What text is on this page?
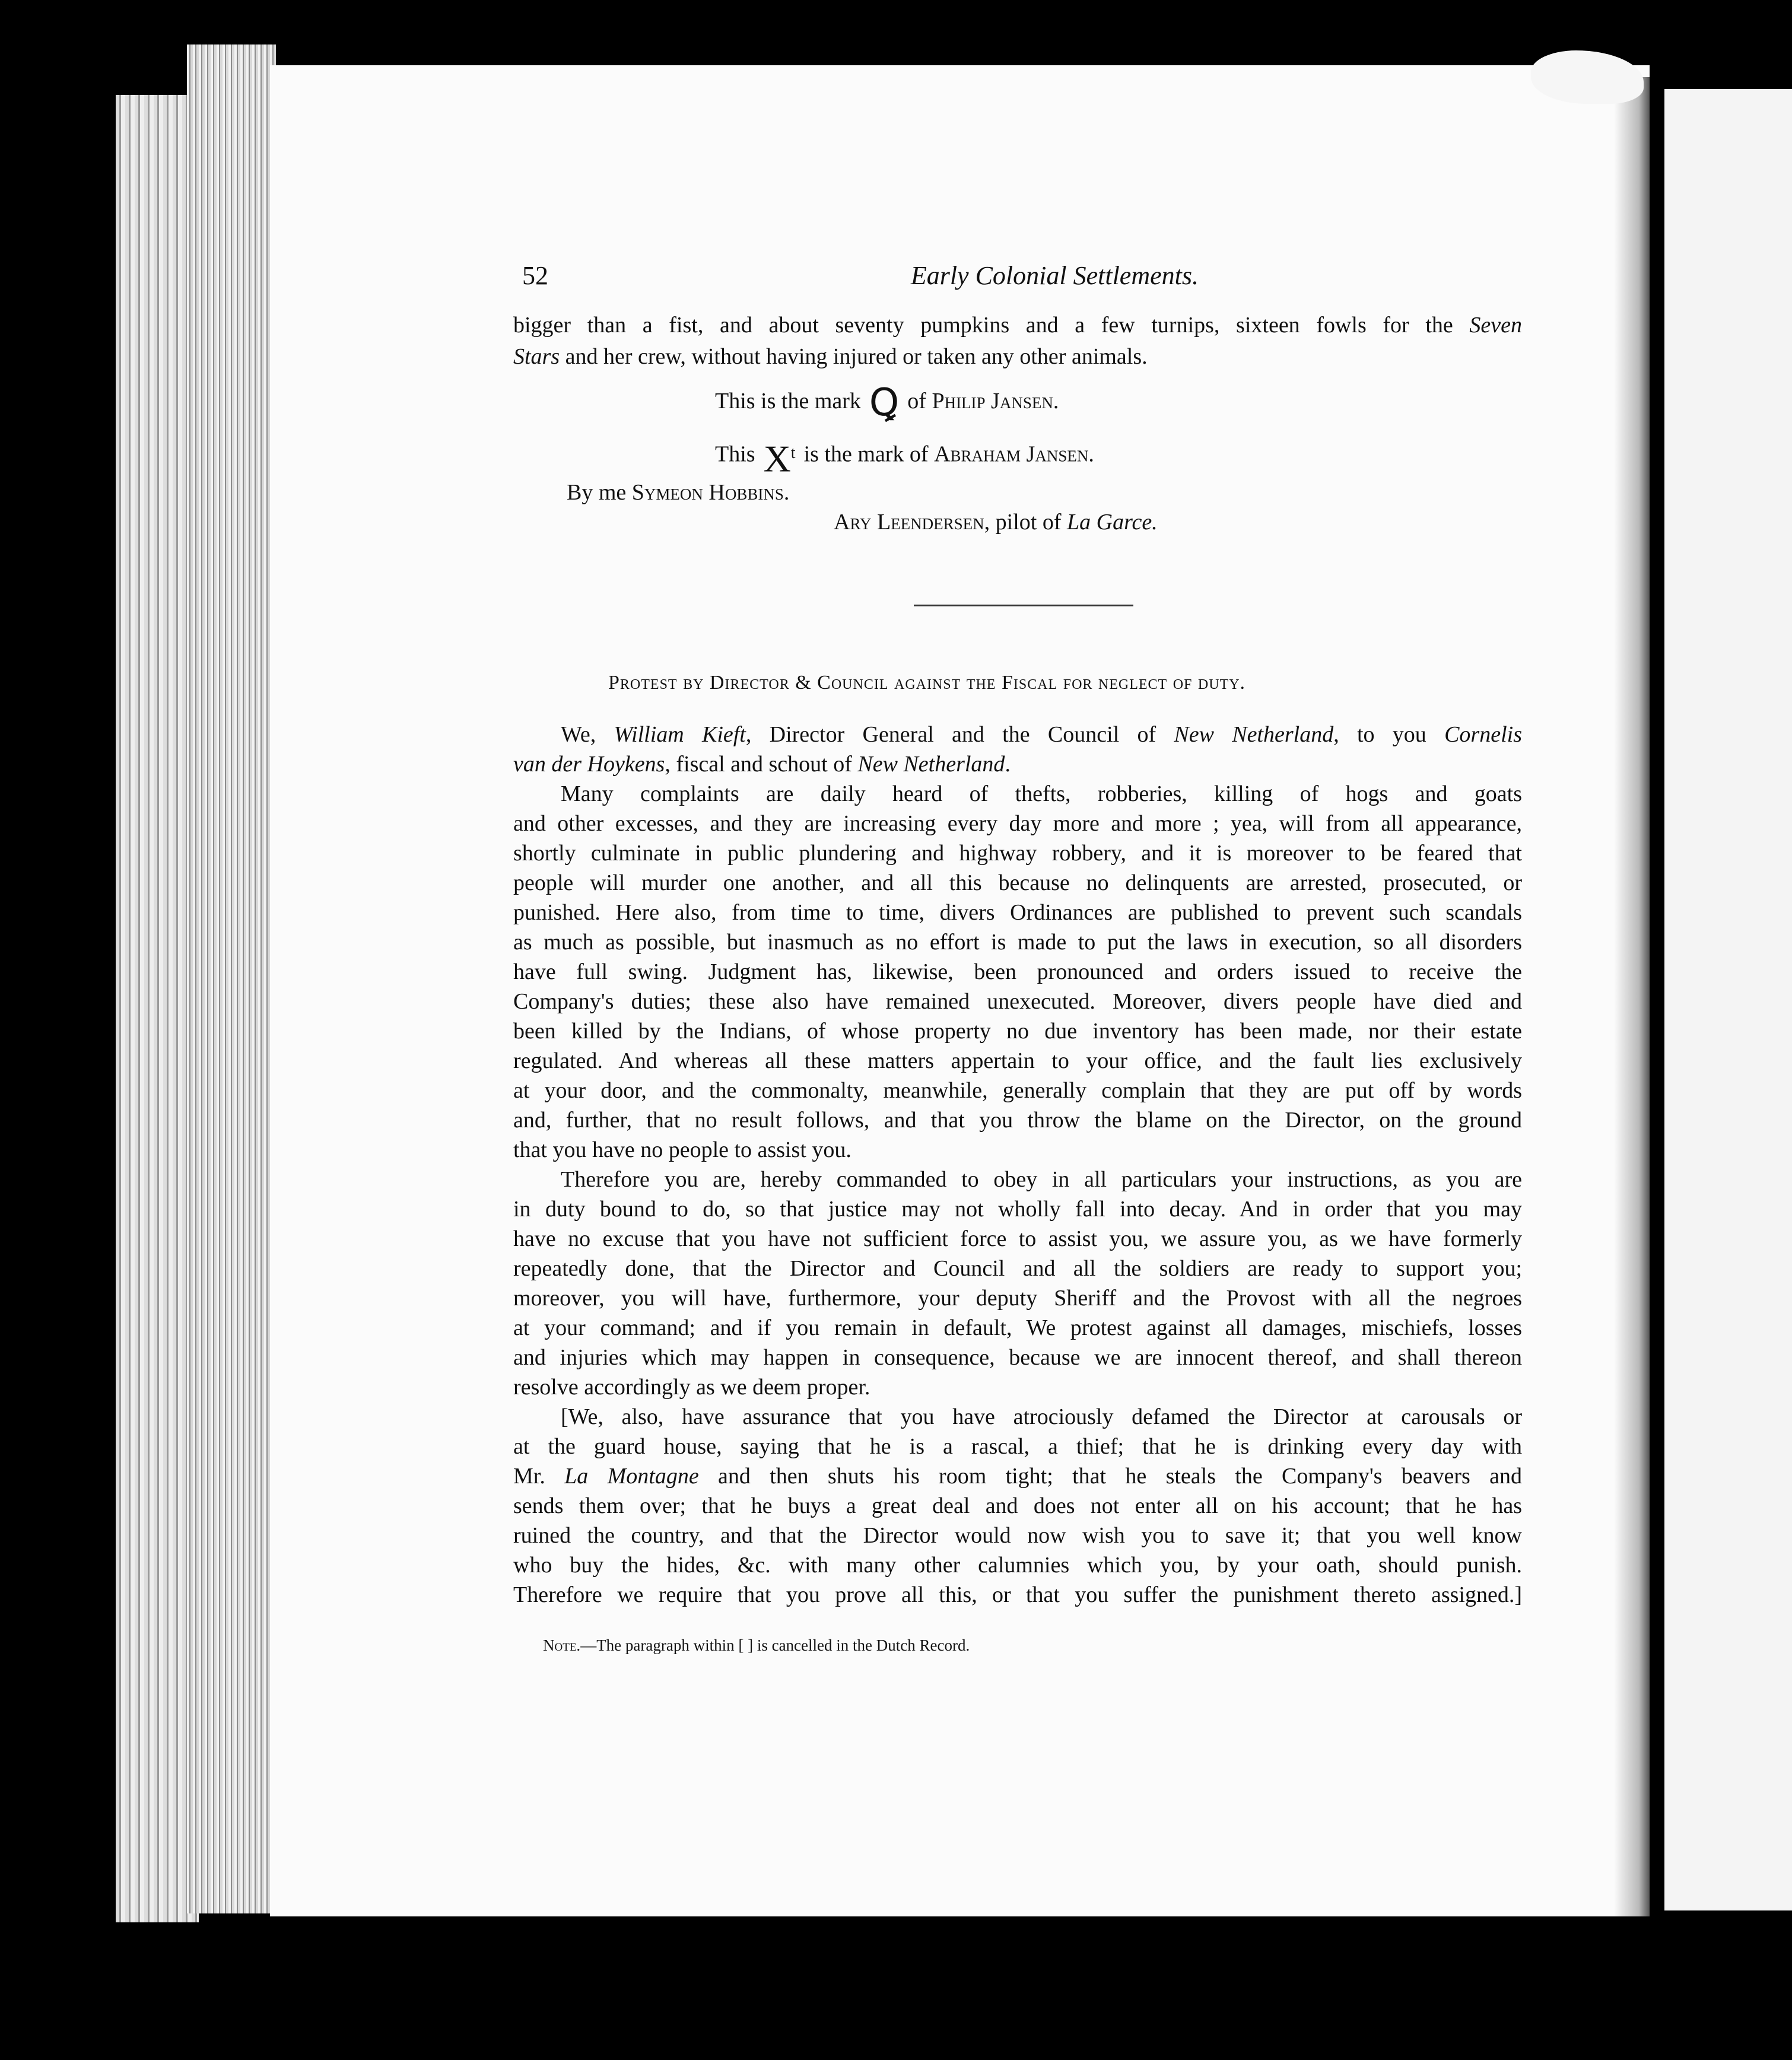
52	Early Colonial Settlements.
bigger than a fist, and about seventy pumpkins and a few turnips, sixteen fowls for the Seven
Stars and her crew, without having injured or taken any other animals.
This is the mark Ꝗ of Philip Jansen.
This $X^t$ is the mark of Abraham Jansen.
By me Symeon Hobbins.
Ary Leendersen, pilot of La Garce.
Protest by Director & Council against the Fiscal for neglect of duty.
We, William Kieft, Director General and the Council of New Netherland, to you Cornelis
van der Hoykens, fiscal and schout of New Netherland.
Many complaints are daily heard of thefts, robberies, killing of hogs and goats
and other excesses, and they are increasing every day more and more ; yea, will from all appearance,
shortly culminate in public plundering and highway robbery, and it is moreover to be feared that
people will murder one another, and all this because no delinquents are arrested, prosecuted, or
punished. Here also, from time to time, divers Ordinances are published to prevent such scandals
as much as possible, but inasmuch as no effort is made to put the laws in execution, so all disorders
have full swing. Judgment has, likewise, been pronounced and orders issued to receive the
Company's duties; these also have remained unexecuted. Moreover, divers people have died and
been killed by the Indians, of whose property no due inventory has been made, nor their estate
regulated. And whereas all these matters appertain to your office, and the fault lies exclusively
at your door, and the commonalty, meanwhile, generally complain that they are put off by words
and, further, that no result follows, and that you throw the blame on the Director, on the ground
that you have no people to assist you.
Therefore you are, hereby commanded to obey in all particulars your instructions, as you are
in duty bound to do, so that justice may not wholly fall into decay. And in order that you may
have no excuse that you have not sufficient force to assist you, we assure you, as we have formerly
repeatedly done, that the Director and Council and all the soldiers are ready to support you;
moreover, you will have, furthermore, your deputy Sheriff and the Provost with all the negroes
at your command; and if you remain in default, We protest against all damages, mischiefs, losses
and injuries which may happen in consequence, because we are innocent thereof, and shall thereon
resolve accordingly as we deem proper.
[We, also, have assurance that you have atrociously defamed the Director at carousals or
at the guard house, saying that he is a rascal, a thief; that he is drinking every day with
Mr. La Montagne and then shuts his room tight; that he steals the Company's beavers and
sends them over; that he buys a great deal and does not enter all on his account; that he has
ruined the country, and that the Director would now wish you to save it; that you well know
who buy the hides, &c. with many other calumnies which you, by your oath, should punish.
Therefore we require that you prove all this, or that you suffer the punishment thereto assigned.]
Note.—The paragraph within [ ] is cancelled in the Dutch Record.
